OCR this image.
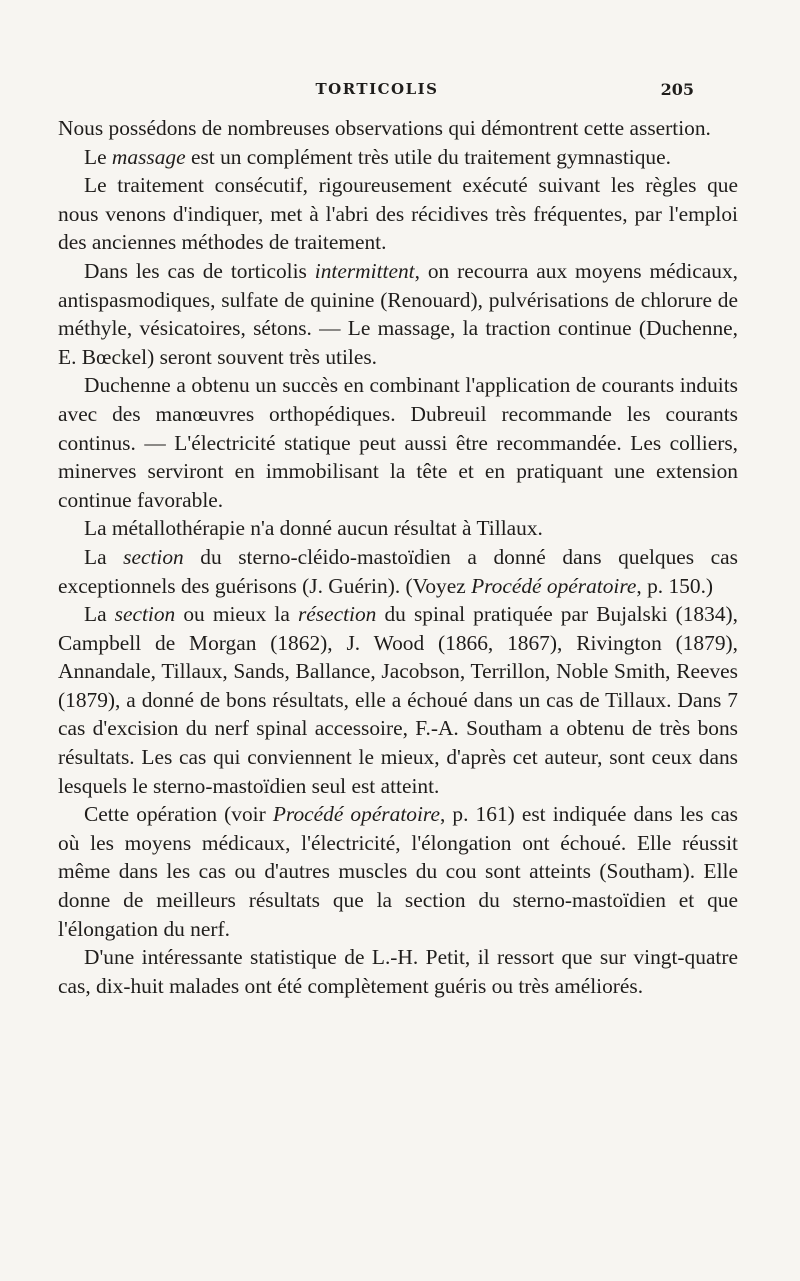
TORTICOLIS	205

Nous possédons de nombreuses observations qui démontrent cette assertion.

Le massage est un complément très utile du traitement gymnastique.

Le traitement consécutif, rigoureusement exécuté suivant les règles que nous venons d'indiquer, met à l'abri des récidives très fréquentes, par l'emploi des anciennes méthodes de traitement.

Dans les cas de torticolis intermittent, on recourra aux moyens médicaux, antispasmodiques, sulfate de quinine (Renouard), pulvérisations de chlorure de méthyle, vésicatoires, sétons. — Le massage, la traction continue (Duchenne, E. Bœckel) seront souvent très utiles.

Duchenne a obtenu un succès en combinant l'application de courants induits avec des manœuvres orthopédiques. Dubreuil recommande les courants continus. — L'électricité statique peut aussi être recommandée. Les colliers, minerves serviront en immobilisant la tête et en pratiquant une extension continue favorable.

La métallothérapie n'a donné aucun résultat à Tillaux.

La section du sterno-cléido-mastoïdien a donné dans quelques cas exceptionnels des guérisons (J. Guérin). (Voyez Procédé opératoire, p. 150.)

La section ou mieux la résection du spinal pratiquée par Bujalski (1834), Campbell de Morgan (1862), J. Wood (1866, 1867), Rivington (1879), Annandale, Tillaux, Sands, Ballance, Jacobson, Terrillon, Noble Smith, Reeves (1879), a donné de bons résultats, elle a échoué dans un cas de Tillaux. Dans 7 cas d'excision du nerf spinal accessoire, F.-A. Southam a obtenu de très bons résultats. Les cas qui conviennent le mieux, d'après cet auteur, sont ceux dans lesquels le sterno-mastoïdien seul est atteint.

Cette opération (voir Procédé opératoire, p. 161) est indiquée dans les cas où les moyens médicaux, l'électricité, l'élongation ont échoué. Elle réussit même dans les cas ou d'autres muscles du cou sont atteints (Southam). Elle donne de meilleurs résultats que la section du sterno-mastoïdien et que l'élongation du nerf.

D'une intéressante statistique de L.-H. Petit, il ressort que sur vingt-quatre cas, dix-huit malades ont été complètement guéris ou très améliorés.
